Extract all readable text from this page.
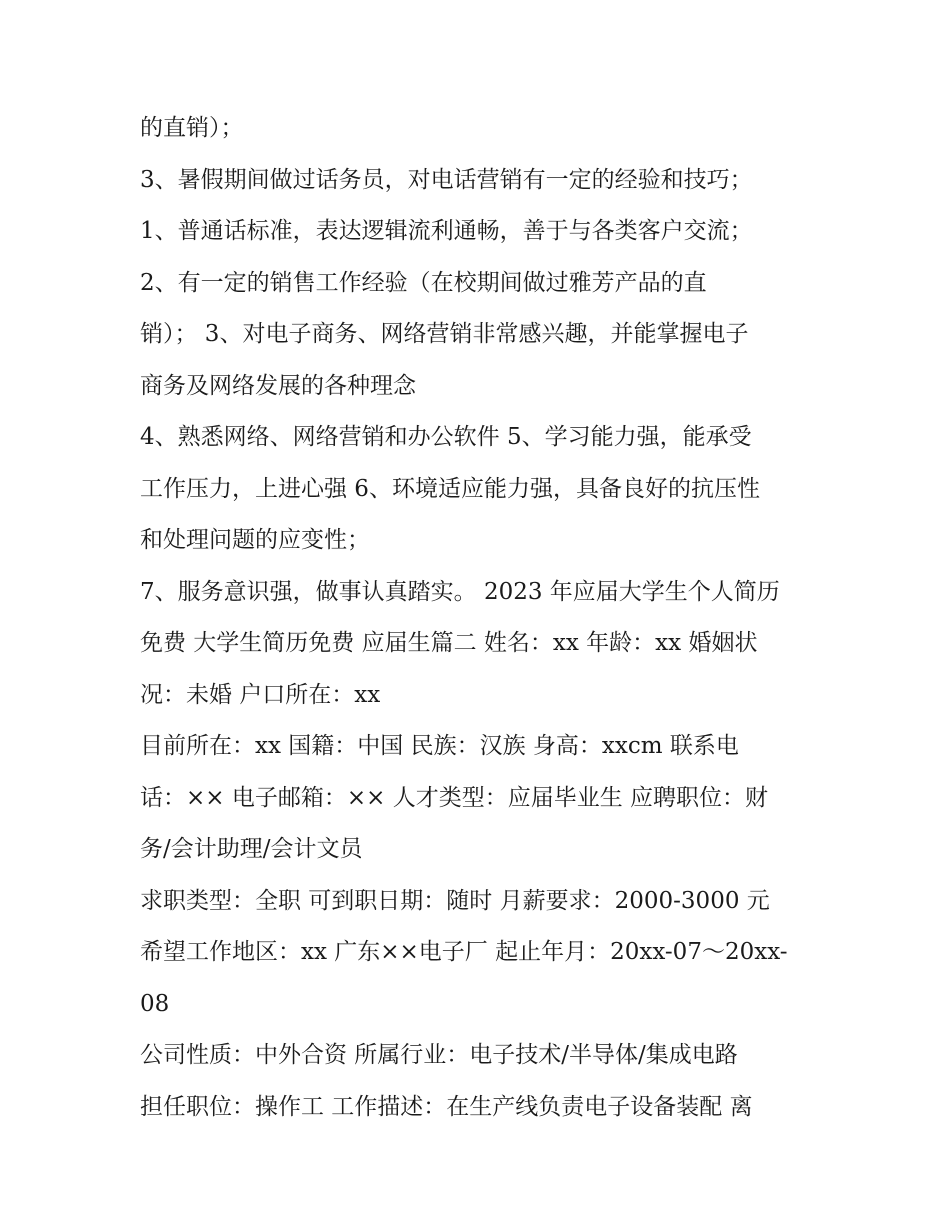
的直销）；
3、暑假期间做过话务员，对电话营销有一定的经验和技巧；
1、普通话标准，表达逻辑流利通畅，善于与各类客户交流；
2、有一定的销售工作经验（在校期间做过雅芳产品的直
销）； 3、对电子商务、网络营销非常感兴趣，并能掌握电子
商务及网络发展的各种理念
4、熟悉网络、网络营销和办公软件 5、学习能力强，能承受
工作压力，上进心强 6、环境适应能力强，具备良好的抗压性
和处理问题的应变性；
7、服务意识强，做事认真踏实。 2023 年应届大学生个人简历
免费 大学生简历免费 应届生篇二 姓名：xx 年龄：xx 婚姻状
况：未婚 户口所在：xx
目前所在：xx 国籍：中国 民族：汉族 身高：xxcm 联系电
话：×× 电子邮箱：×× 人才类型：应届毕业生 应聘职位：财
务/会计助理/会计文员
求职类型：全职 可到职日期：随时 月薪要求：2000-3000 元
希望工作地区：xx 广东××电子厂 起止年月：20xx-07～20xx-
08
公司性质：中外合资 所属行业：电子技术/半导体/集成电路
担任职位：操作工 工作描述：在生产线负责电子设备装配 离
